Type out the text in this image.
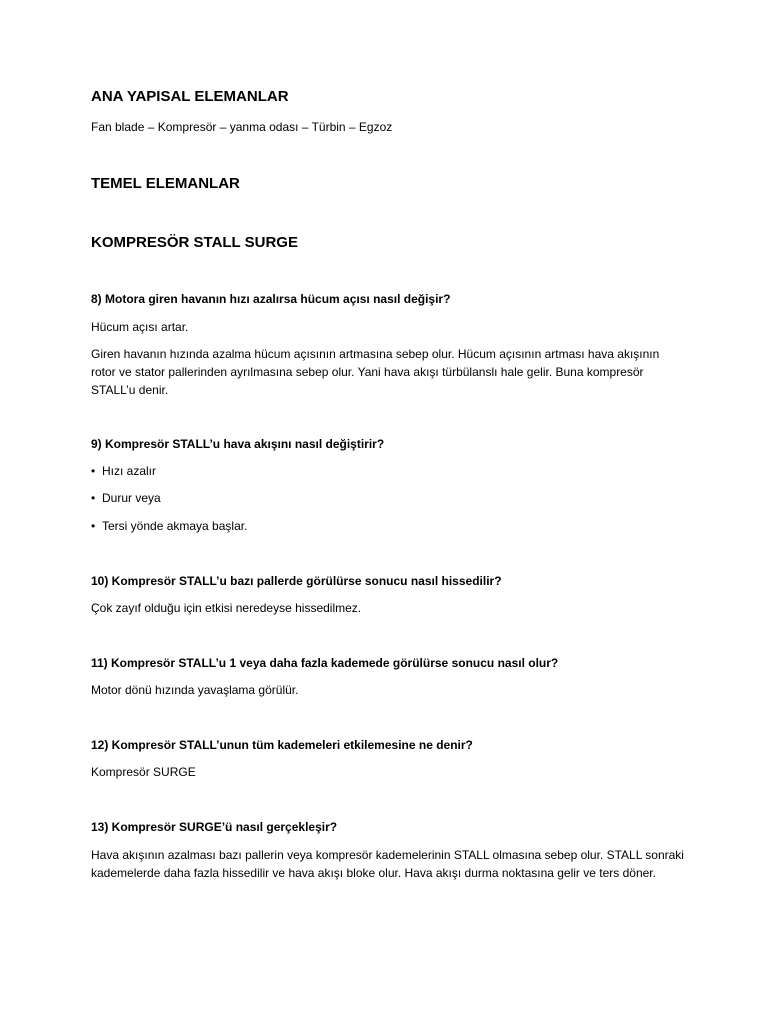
ANA YAPISAL ELEMANLAR

Fan blade – Kompresör – yanma odası – Türbin – Egzoz

TEMEL ELEMANLAR
KOMPRESÖR STALL SURGE

8) Motora giren havanın hızı azalırsa hücum açısı nasıl değişir?

Hücum açısı artar.

Giren havanın hızında azalma hücum açısının artmasına sebep olur. Hücum açısının artması hava akışının rotor ve stator pallerinden ayrılmasına sebep olur. Yani hava akışı türbülanslı hale gelir. Buna kompresör STALL’u denir.

9) Kompresör STALL’u hava akışını nasıl değiştirir?

• Hızı azalır
• Durur veya
• Tersi yönde akmaya başlar.

10) Kompresör STALL’u bazı pallerde görülürse sonucu nasıl hissedilir?

Çok zayıf olduğu için etkisi neredeyse hissedilmez.

11) Kompresör STALL’u 1 veya daha fazla kademede görülürse sonucu nasıl olur?

Motor dönü hızında yavaşlama görülür.

12) Kompresör STALL’unun tüm kademeleri etkilemesine ne denir?

Kompresör SURGE

13) Kompresör SURGE’ü nasıl gerçekleşir?

Hava akışının azalması bazı pallerin veya kompresör kademelerinin STALL olmasına sebep olur. STALL sonraki kademelerde daha fazla hissedilir ve hava akışı bloke olur. Hava akışı durma noktasına gelir ve ters döner.
